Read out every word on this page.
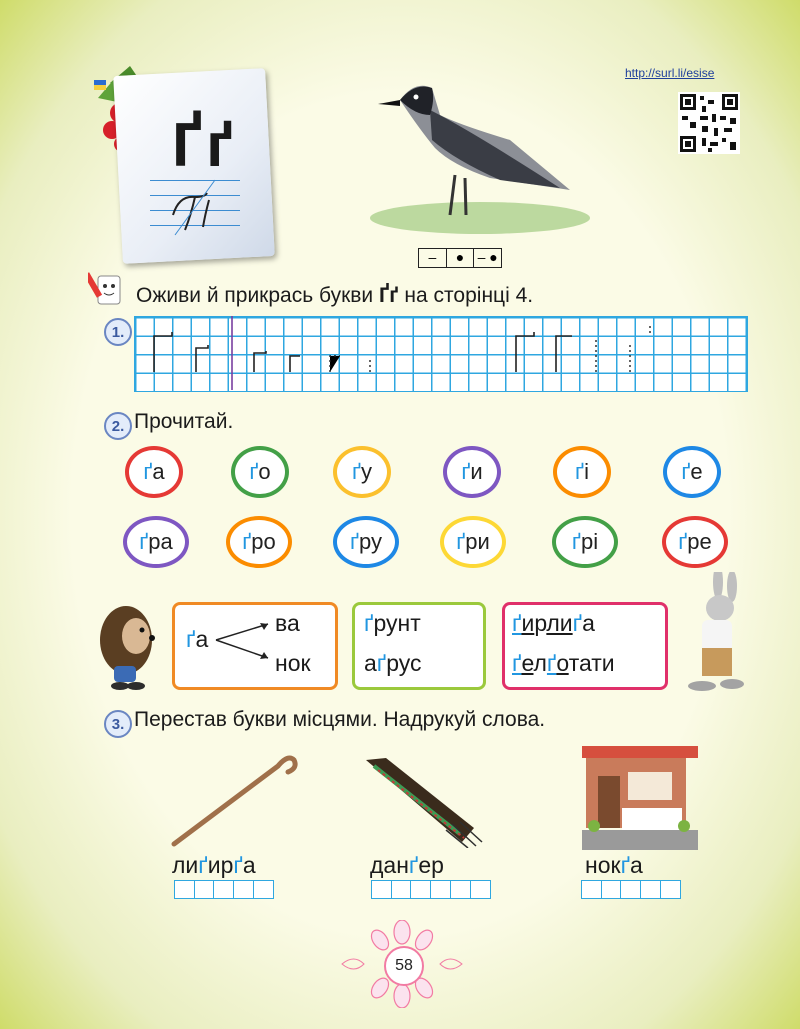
Ґґ
http://surl.li/esise
–	● – ●
Оживи й прикрась букви Ґґ на сторінці 4.
1.
2. Прочитай.
ґ а	ґ о	ґ у	ґ и	ґ і	ґ е
ґ ра	ґ ро	ґ ру	ґ ри	ґ рі	ґ ре
ґа
ва
нок
ґрунт
аґрус
ґирлиґа
ґелґотати
3. Перестав букви місцями. Надрукуй слова.
лиґирґа	данґер	нокґа
58
